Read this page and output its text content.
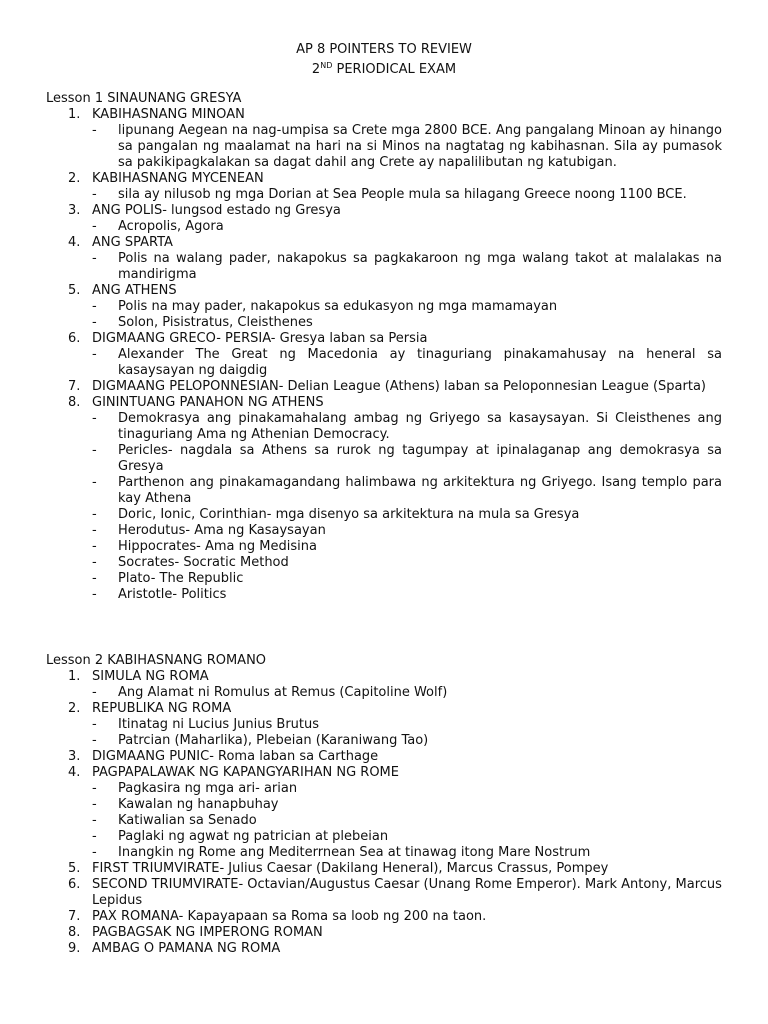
AP 8 POINTERS TO REVIEW
2ND PERIODICAL EXAM
Lesson 1 SINAUNANG GRESYA
1. KABIHASNANG MINOAN
- lipunang Aegean na nag-umpisa sa Crete mga 2800 BCE. Ang pangalang Minoan ay hinango sa pangalan ng maalamat na hari na si Minos na nagtatag ng kabihasnan. Sila ay pumasok sa pakikipagkalakan sa dagat dahil ang Crete ay napalilibutan ng katubigan.
2. KABIHASNANG MYCENEAN
- sila ay nilusob ng mga Dorian at Sea People mula sa hilagang Greece noong 1100 BCE.
3. ANG POLIS- lungsod estado ng Gresya
- Acropolis, Agora
4. ANG SPARTA
- Polis na walang pader, nakapokus sa pagkakaroon ng mga walang takot at malalakas na mandirigma
5. ANG ATHENS
- Polis na may pader, nakapokus sa edukasyon ng mga mamamayan
- Solon, Pisistratus, Cleisthenes
6. DIGMAANG GRECO- PERSIA- Gresya laban sa Persia
- Alexander The Great ng Macedonia ay tinaguriang pinakamahusay na heneral sa kasaysayan ng daigdig
7. DIGMAANG PELOPONNESIAN- Delian League (Athens) laban sa Peloponnesian League (Sparta)
8. GININTUANG PANAHON NG ATHENS
- Demokrasya ang pinakamahalang ambag ng Griyego sa kasaysayan. Si Cleisthenes ang tinaguriang Ama ng Athenian Democracy.
- Pericles- nagdala sa Athens sa rurok ng tagumpay at ipinalaganap ang demokrasya sa Gresya
- Parthenon ang pinakamagandang halimbawa ng arkitektura ng Griyego. Isang templo para kay Athena
- Doric, Ionic, Corinthian- mga disenyo sa arkitektura na mula sa Gresya
- Herodutus- Ama ng Kasaysayan
- Hippocrates- Ama ng Medisina
- Socrates- Socratic Method
- Plato- The Republic
- Aristotle- Politics
Lesson 2 KABIHASNANG ROMANO
1. SIMULA NG ROMA
- Ang Alamat ni Romulus at Remus (Capitoline Wolf)
2. REPUBLIKA NG ROMA
- Itinatag ni Lucius Junius Brutus
- Patrcian (Maharlika), Plebeian (Karaniwang Tao)
3. DIGMAANG PUNIC- Roma laban sa Carthage
4. PAGPAPALAWAK NG KAPANGYARIHAN NG ROME
- Pagkasira ng mga ari- arian
- Kawalan ng hanapbuhay
- Katiwalian sa Senado
- Paglaki ng agwat ng patrician at plebeian
- Inangkin ng Rome ang Mediterrnean Sea at tinawag itong Mare Nostrum
5. FIRST TRIUMVIRATE- Julius Caesar (Dakilang Heneral), Marcus Crassus, Pompey
6. SECOND TRIUMVIRATE- Octavian/Augustus Caesar (Unang Rome Emperor). Mark Antony, Marcus Lepidus
7. PAX ROMANA- Kapayapaan sa Roma sa loob ng 200 na taon.
8. PAGBAGSAK NG IMPERONG ROMAN
9. AMBAG O PAMANA NG ROMA
